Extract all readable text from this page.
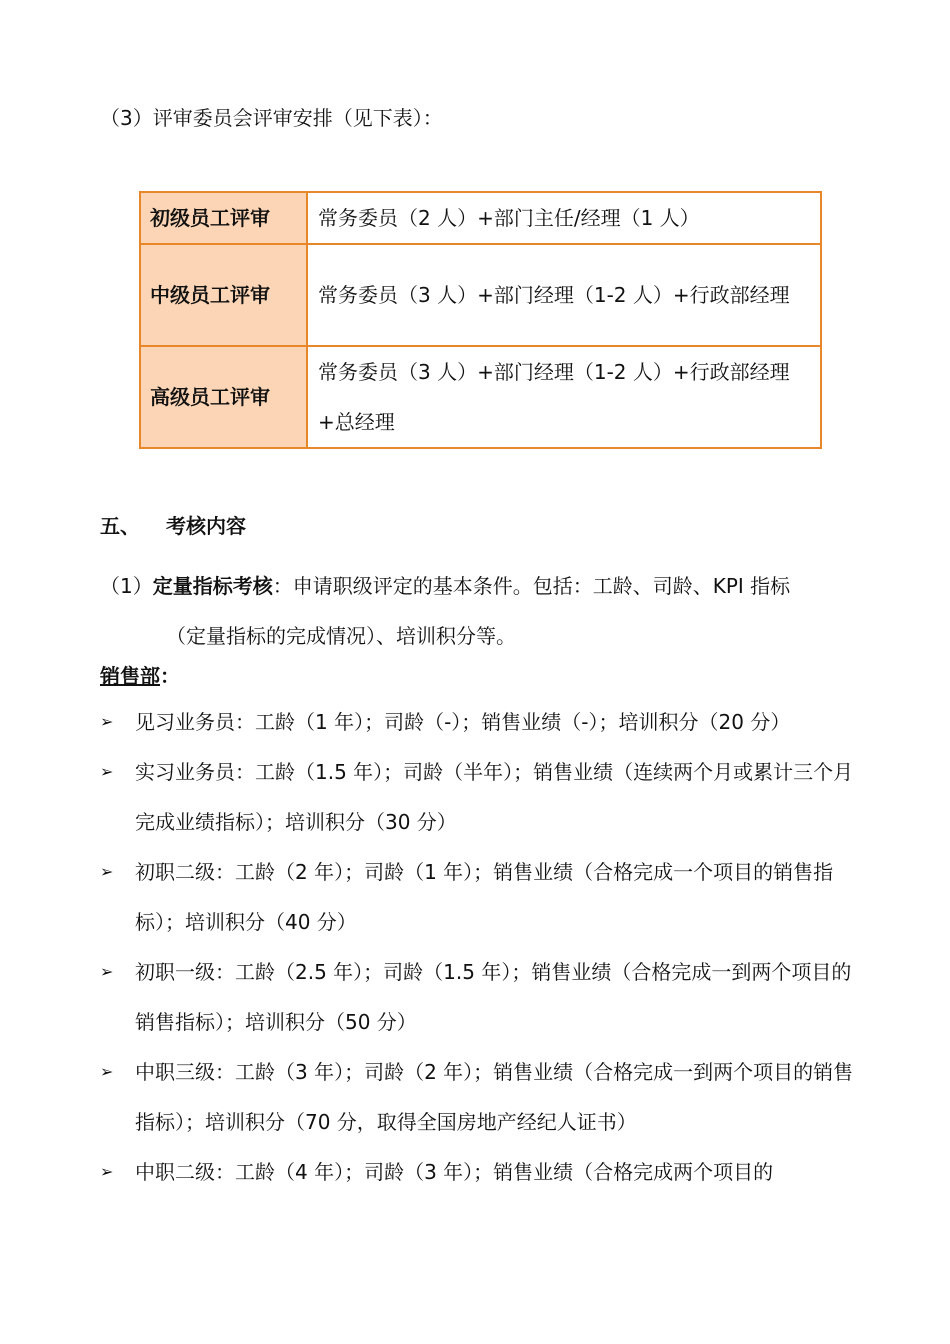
（3）评审委员会评审安排（见下表）：
初级员工评审	常务委员（2 人）+部门主任/经理（1 人）
中级员工评审	常务委员（3 人）+部门经理（1-2 人）+行政部经理
高级员工评审	常务委员（3 人）+部门经理（1-2 人）+行政部经理+总经理
五、 考核内容
（1）定量指标考核：申请职级评定的基本条件。包括：工龄、司龄、KPI 指标
（定量指标的完成情况）、培训积分等。
销售部：
➢	见习业务员：工龄（1 年）；司龄（-）；销售业绩（-）；培训积分（20 分）
➢	实习业务员：工龄（1.5 年）；司龄（半年）；销售业绩（连续两个月或累计三个月完成业绩指标）；培训积分（30 分）
➢	初职二级：工龄（2 年）；司龄（1 年）；销售业绩（合格完成一个项目的销售指标）；培训积分（40 分）
➢	初职一级：工龄（2.5 年）；司龄（1.5 年）；销售业绩（合格完成一到两个项目的销售指标）；培训积分（50 分）
➢	中职三级：工龄（3 年）；司龄（2 年）；销售业绩（合格完成一到两个项目的销售指标）；培训积分（70 分，取得全国房地产经纪人证书）
➢	中职二级：工龄（4 年）；司龄（3 年）；销售业绩（合格完成两个项目的
